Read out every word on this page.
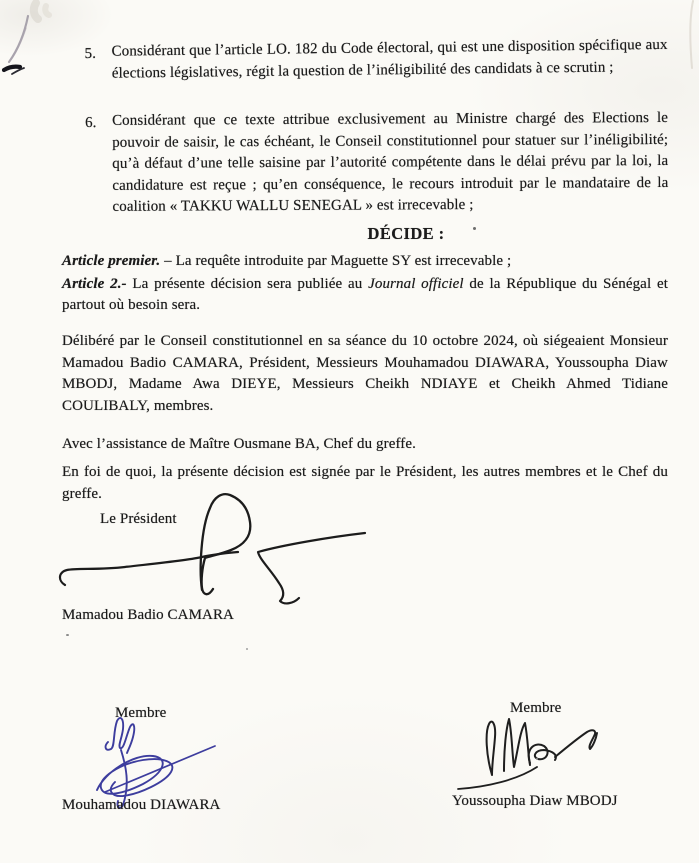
5.	Considérant que l’article LO. 182 du Code électoral, qui est une disposition spécifique aux élections législatives, régit la question de l’inéligibilité des candidats à ce scrutin ;
6.	Considérant que ce texte attribue exclusivement au Ministre chargé des Elections le pouvoir de saisir, le cas échéant, le Conseil constitutionnel pour statuer sur l’inéligibilité; qu’à défaut d’une telle saisine par l’autorité compétente dans le délai prévu par la loi, la candidature est reçue ; qu’en conséquence, le recours introduit par le mandataire de la coalition « TAKKU WALLU SENEGAL » est irrecevable ;

DÉCIDE :

Article premier. – La requête introduite par Maguette SY est irrecevable ;

Article 2.- La présente décision sera publiée au Journal officiel de la République du Sénégal et partout où besoin sera.

Délibéré par le Conseil constitutionnel en sa séance du 10 octobre 2024, où siégeaient Monsieur Mamadou Badio CAMARA, Président, Messieurs Mouhamadou DIAWARA, Youssoupha Diaw MBODJ, Madame Awa DIEYE, Messieurs Cheikh NDIAYE et Cheikh Ahmed Tidiane COULIBALY, membres.

Avec l’assistance de Maître Ousmane BA, Chef du greffe.

En foi de quoi, la présente décision est signée par le Président, les autres membres et le Chef du greffe.

Le Président
Mamadou Badio CAMARA
Membre
Mouhamadou DIAWARA
Membre
Youssoupha Diaw MBODJ
